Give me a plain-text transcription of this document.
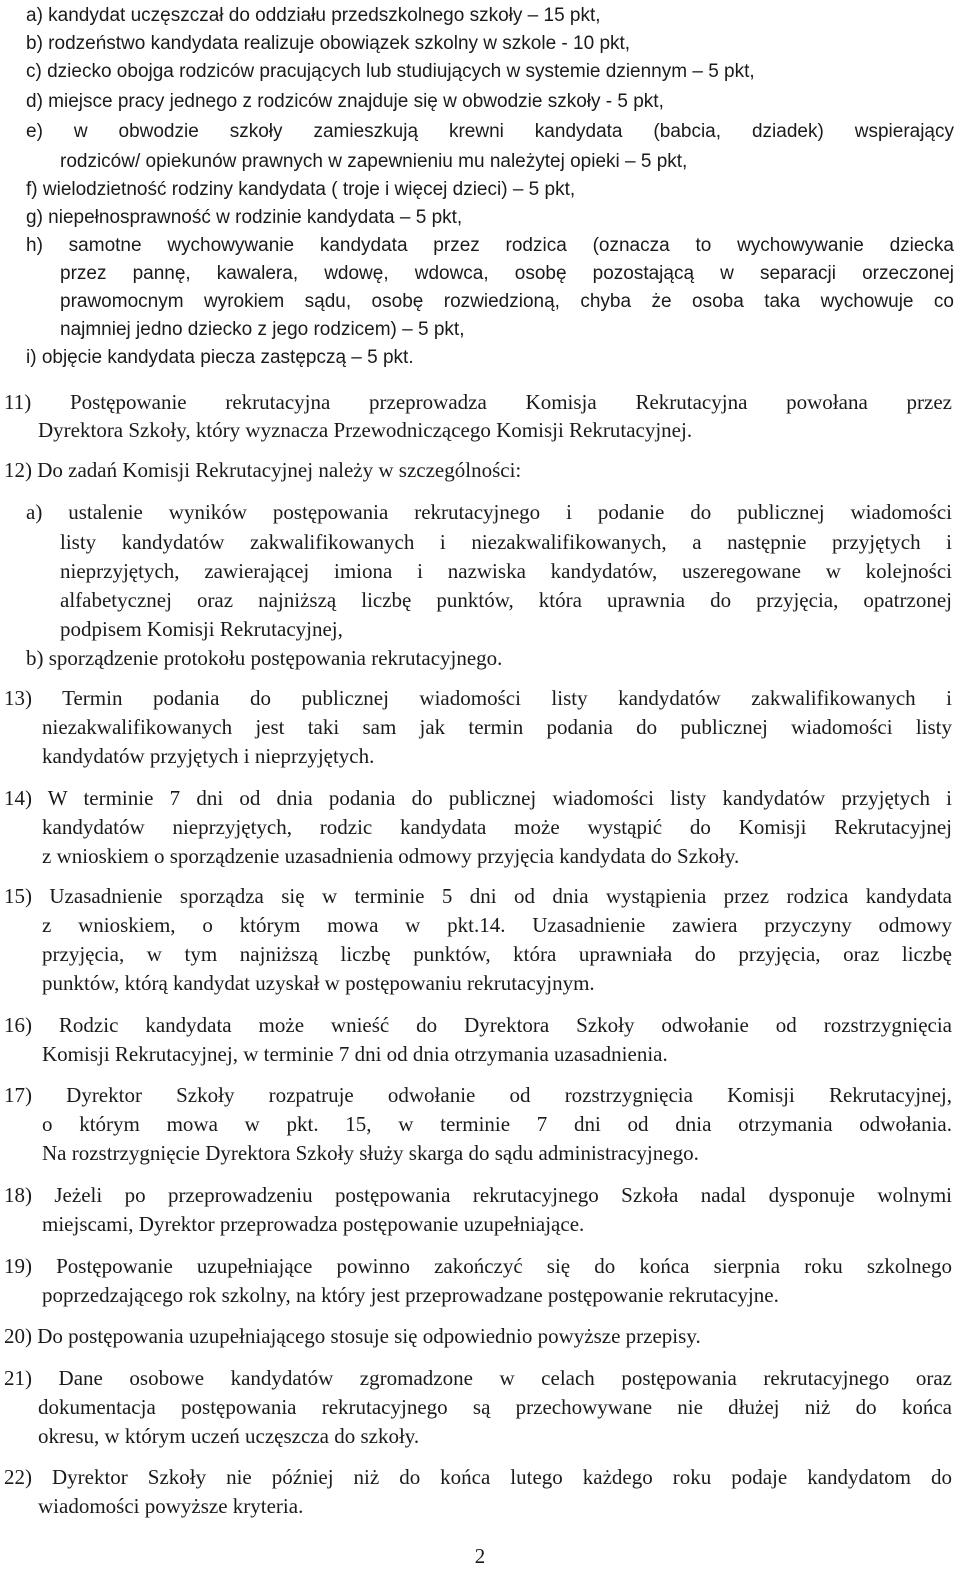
a) kandydat uczęszczał do oddziału przedszkolnego szkoły – 15 pkt,

b) rodzeństwo kandydata realizuje obowiązek szkolny w szkole - 10 pkt,

c) dziecko obojga rodziców pracujących lub studiujących w systemie dziennym – 5 pkt,

d) miejsce pracy jednego z rodziców znajduje się w obwodzie szkoły - 5 pkt,

e) w obwodzie szkoły zamieszkują krewni kandydata (babcia, dziadek) wspierający

rodziców/ opiekunów prawnych w zapewnieniu mu należytej opieki – 5 pkt,

f) wielodzietność rodziny kandydata ( troje i więcej dzieci) – 5 pkt,

g) niepełnosprawność w rodzinie kandydata – 5 pkt,

h) samotne wychowywanie kandydata przez rodzica (oznacza to wychowywanie dziecka

przez pannę, kawalera, wdowę, wdowca, osobę pozostającą w separacji orzeczonej

prawomocnym wyrokiem sądu, osobę rozwiedzioną, chyba że osoba taka wychowuje co

najmniej jedno dziecko z jego rodzicem) – 5 pkt,

i) objęcie kandydata piecza zastępczą – 5 pkt.

11) Postępowanie rekrutacyjna przeprowadza Komisja Rekrutacyjna powołana przez

Dyrektora Szkoły, który wyznacza Przewodniczącego Komisji Rekrutacyjnej.

12) Do zadań Komisji Rekrutacyjnej należy w szczególności:

a) ustalenie wyników postępowania rekrutacyjnego i podanie do publicznej wiadomości

listy kandydatów zakwalifikowanych i niezakwalifikowanych, a następnie przyjętych i

nieprzyjętych, zawierającej imiona i nazwiska kandydatów, uszeregowane w kolejności

alfabetycznej oraz najniższą liczbę punktów, która uprawnia do przyjęcia, opatrzonej

podpisem Komisji Rekrutacyjnej,

b) sporządzenie protokołu postępowania rekrutacyjnego.

13) Termin podania do publicznej wiadomości listy kandydatów zakwalifikowanych i

niezakwalifikowanych jest taki sam jak termin podania do publicznej wiadomości listy

kandydatów przyjętych i nieprzyjętych.

14) W terminie 7 dni od dnia podania do publicznej wiadomości listy kandydatów przyjętych i

kandydatów nieprzyjętych, rodzic kandydata może wystąpić do Komisji Rekrutacyjnej

z wnioskiem o sporządzenie uzasadnienia odmowy przyjęcia kandydata do Szkoły.

15) Uzasadnienie sporządza się w terminie 5 dni od dnia wystąpienia przez rodzica kandydata

z wnioskiem, o którym mowa w pkt.14. Uzasadnienie zawiera przyczyny odmowy

przyjęcia, w tym najniższą liczbę punktów, która uprawniała do przyjęcia, oraz liczbę

punktów, którą kandydat uzyskał w postępowaniu rekrutacyjnym.

16) Rodzic kandydata może wnieść do Dyrektora Szkoły odwołanie od rozstrzygnięcia

Komisji Rekrutacyjnej, w terminie 7 dni od dnia otrzymania uzasadnienia.

17) Dyrektor Szkoły rozpatruje odwołanie od rozstrzygnięcia Komisji Rekrutacyjnej,

o którym mowa w pkt. 15, w terminie 7 dni od dnia otrzymania odwołania.

Na rozstrzygnięcie Dyrektora Szkoły służy skarga do sądu administracyjnego.

18) Jeżeli po przeprowadzeniu postępowania rekrutacyjnego Szkoła nadal dysponuje wolnymi

miejscami, Dyrektor przeprowadza postępowanie uzupełniające.

19) Postępowanie uzupełniające powinno zakończyć się do końca sierpnia roku szkolnego

poprzedzającego rok szkolny, na który jest przeprowadzane postępowanie rekrutacyjne.

20) Do postępowania uzupełniającego stosuje się odpowiednio powyższe przepisy.

21) Dane osobowe kandydatów zgromadzone w celach postępowania rekrutacyjnego oraz

dokumentacja postępowania rekrutacyjnego są przechowywane nie dłużej niż do końca

okresu, w którym uczeń uczęszcza do szkoły.

22) Dyrektor Szkoły nie później niż do końca lutego każdego roku podaje kandydatom do

wiadomości powyższe kryteria.

2
